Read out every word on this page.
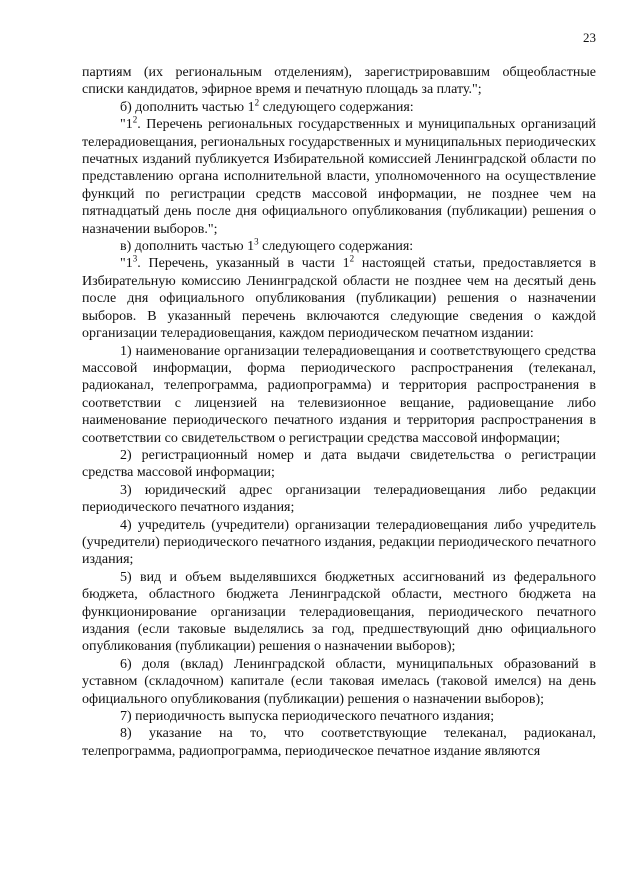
23

партиям (их региональным отделениям), зарегистрировавшим общеобластные списки кандидатов, эфирное время и печатную площадь за плату.";

б) дополнить частью $1^2$ следующего содержания:

"$1^2$. Перечень региональных государственных и муниципальных организаций телерадиовещания, региональных государственных и муниципальных периодических печатных изданий публикуется Избирательной комиссией Ленинградской области по представлению органа исполнительной власти, уполномоченного на осуществление функций по регистрации средств массовой информации, не позднее чем на пятнадцатый день после дня официального опубликования (публикации) решения о назначении выборов.";

в) дополнить частью $1^3$ следующего содержания:

"$1^3$. Перечень, указанный в части $1^2$ настоящей статьи, предоставляется в Избирательную комиссию Ленинградской области не позднее чем на десятый день после дня официального опубликования (публикации) решения о назначении выборов. В указанный перечень включаются следующие сведения о каждой организации телерадиовещания, каждом периодическом печатном издании:

1) наименование организации телерадиовещания и соответствующего средства массовой информации, форма периодического распространения (телеканал, радиоканал, телепрограмма, радиопрограмма) и территория распространения в соответствии с лицензией на телевизионное вещание, радиовещание либо наименование периодического печатного издания и территория распространения в соответствии со свидетельством о регистрации средства массовой информации;

2) регистрационный номер и дата выдачи свидетельства о регистрации средства массовой информации;

3) юридический адрес организации телерадиовещания либо редакции периодического печатного издания;

4) учредитель (учредители) организации телерадиовещания либо учредитель (учредители) периодического печатного издания, редакции периодического печатного издания;

5) вид и объем выделявшихся бюджетных ассигнований из федерального бюджета, областного бюджета Ленинградской области, местного бюджета на функционирование организации телерадиовещания, периодического печатного издания (если таковые выделялись за год, предшествующий дню официального опубликования (публикации) решения о назначении выборов);

6) доля (вклад) Ленинградской области, муниципальных образований в уставном (складочном) капитале (если таковая имелась (таковой имелся) на день официального опубликования (публикации) решения о назначении выборов);

7) периодичность выпуска периодического печатного издания;

8) указание на то, что соответствующие телеканал, радиоканал, телепрограмма, радиопрограмма, периодическое печатное издание являются
